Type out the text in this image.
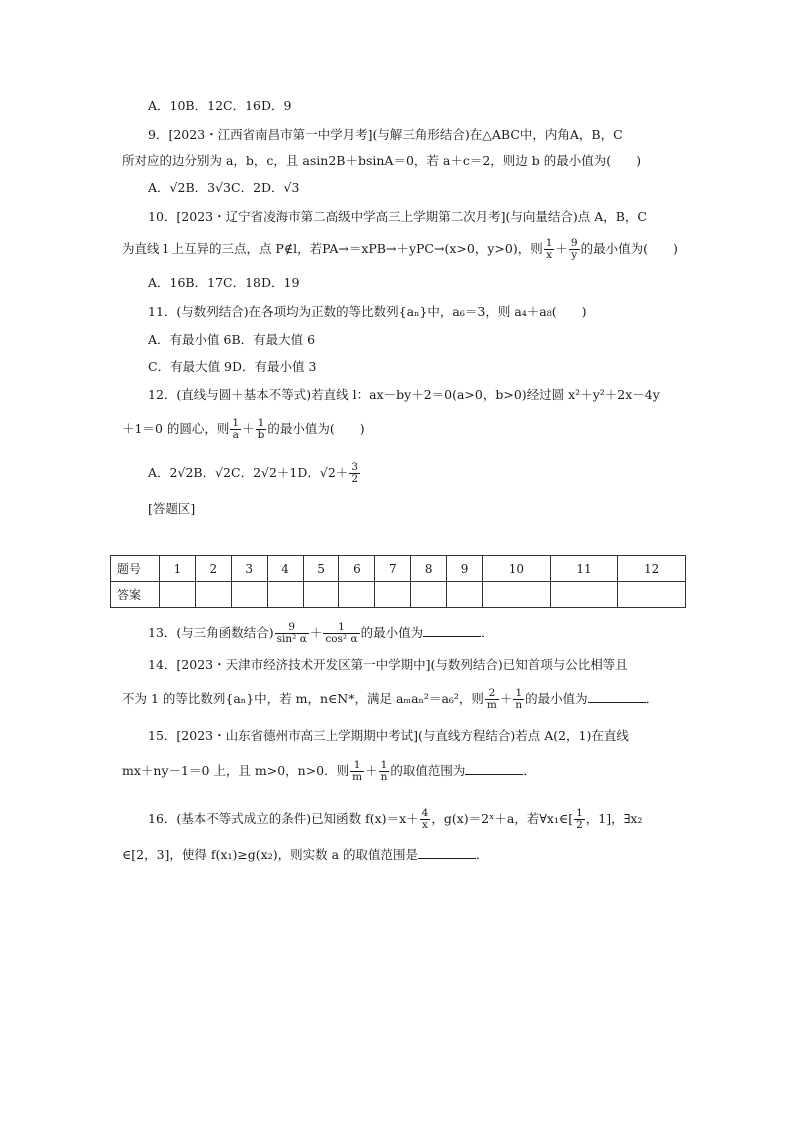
A．10B．12C．16D．9
9．[2023・江西省南昌市第一中学月考](与解三角形结合)在△ABC中，内角A，B，C
所对应的边分别为 a，b，c，且 asin2B＋bsinA＝0，若 a＋c＝2，则边 b 的最小值为(　　)
A．√2B．3√3C．2D．√3
10．[2023・辽宁省凌海市第二高级中学高三上学期第二次月考](与向量结合)点 A，B，C
为直线 l 上互异的三点，点 P∉l，若PA→＝xPB→＋yPC→(x>0，y>0)，则 $\frac{1}{x} + \frac{9}{y}$ 的最小值为(　　)
A．16B．17C．18D．19
11．(与数列结合)在各项均为正数的等比数列{aₙ}中，a₆＝3，则 a₄＋a₈(　　)
A．有最小值 6B．有最大值 6
C．有最大值 9D．有最小值 3
12．(直线与圆＋基本不等式)若直线 l：ax－by＋2＝0(a>0，b>0)经过圆 x²＋y²＋2x－4y
＋1＝0 的圆心，则 $\frac{1}{a} + \frac{1}{b}$ 的最小值为(　　)
A．2√2B．√2C．2√2＋1D．$√2+ \frac{3}{2}$
[答题区]
题号	1	2	3	4	5	6	7	8	9	10	11	12
答案												
13．(与三角函数结合) $\frac{9}{\text{sin² α}} + \frac{1}{\text{cos² α}}$ 的最小值为	．
14．[2023・天津市经济技术开发区第一中学期中](与数列结合)已知首项与公比相等且
不为 1 的等比数列{aₙ}中，若 m，n∈N*，满足 aₘaₙ²＝a₆²，则 $\frac{2}{m} + \frac{1}{n}$ 的最小值为	．
15．[2023・山东省德州市高三上学期期中考试](与直线方程结合)若点 A(2，1)在直线
mx＋ny－1＝0 上，且 m>0，n>0．则 $\frac{1}{m} + \frac{1}{n}$ 的取值范围为	．
16．(基本不等式成立的条件)已知函数 $f(x)=x+ \frac{4}{x}$ ，g(x)＝2ˣ＋a，若∀x₁∈[ $\frac{1}{2}$ ，1]，∃x₂
∈[2，3]，使得 f(x₁)≥g(x₂)，则实数 a 的取值范围是	．
